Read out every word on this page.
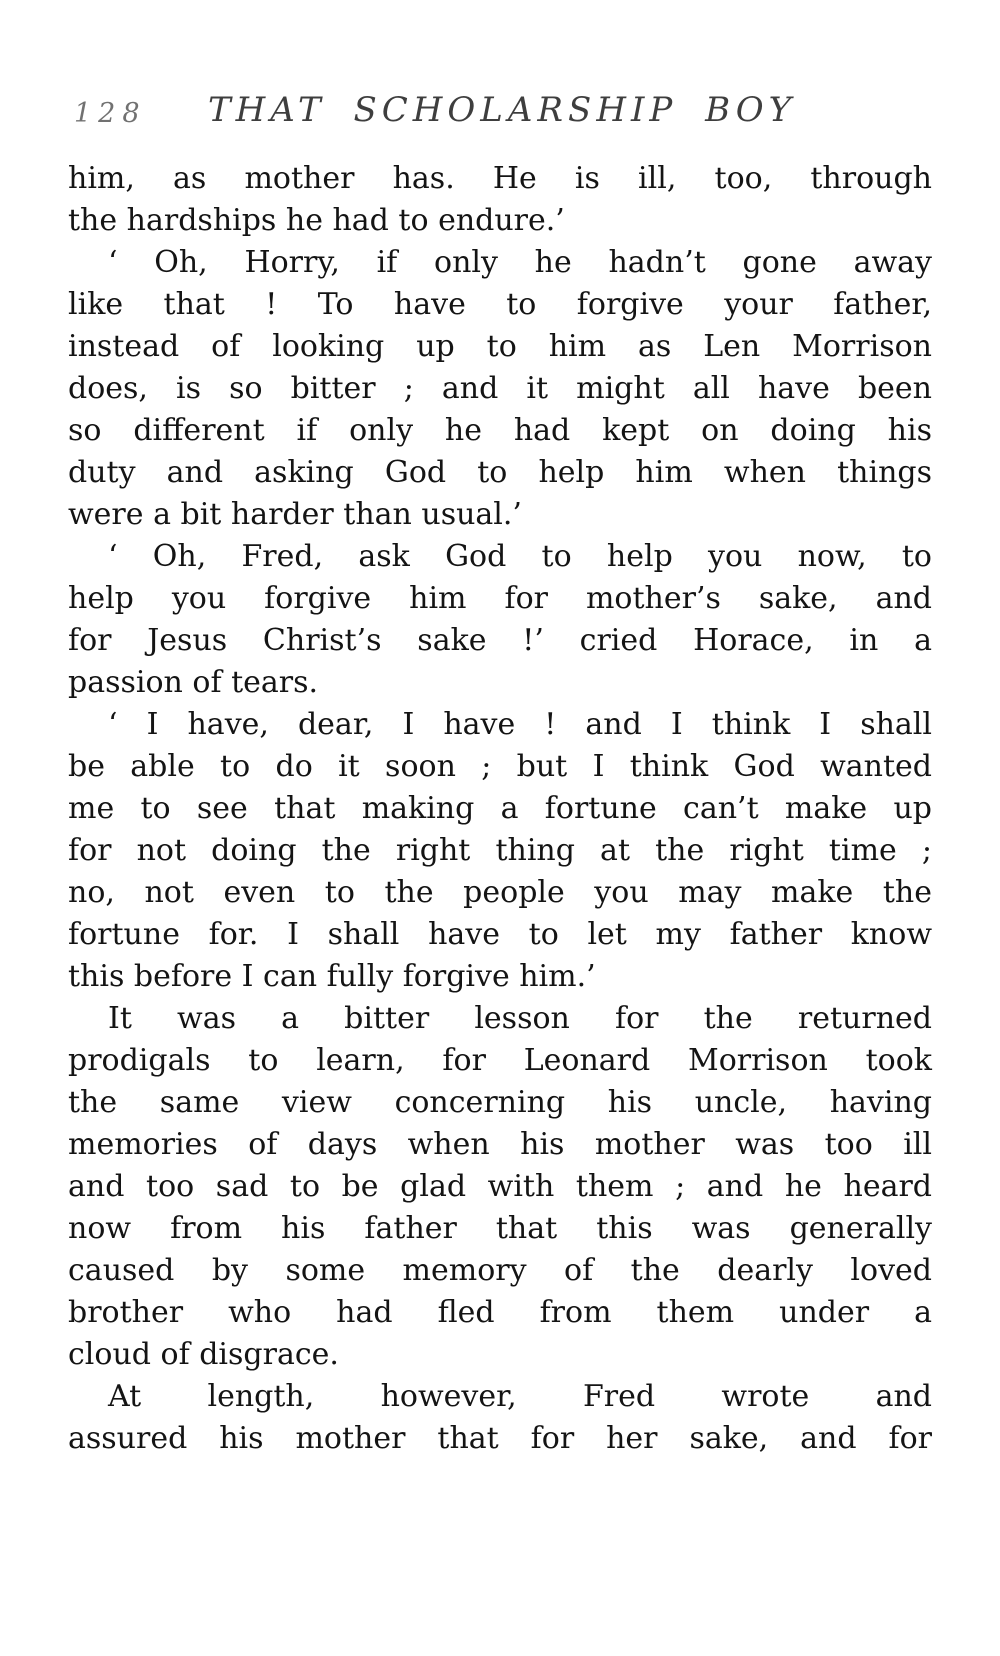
128	THAT SCHOLARSHIP BOY
him, as mother has. He is ill, too, through
the hardships he had to endure.’
‘ Oh, Horry, if only he hadn’t gone away
like that ! To have to forgive your father,
instead of looking up to him as Len Morrison
does, is so bitter ; and it might all have been
so different if only he had kept on doing his
duty and asking God to help him when things
were a bit harder than usual.’
‘ Oh, Fred, ask God to help you now, to
help you forgive him for mother’s sake, and
for Jesus Christ’s sake !’ cried Horace, in a
passion of tears.
‘ I have, dear, I have ! and I think I shall
be able to do it soon ; but I think God wanted
me to see that making a fortune can’t make up
for not doing the right thing at the right time ;
no, not even to the people you may make the
fortune for. I shall have to let my father know
this before I can fully forgive him.’
It was a bitter lesson for the returned
prodigals to learn, for Leonard Morrison took
the same view concerning his uncle, having
memories of days when his mother was too ill
and too sad to be glad with them ; and he heard
now from his father that this was generally
caused by some memory of the dearly loved
brother who had fled from them under a
cloud of disgrace.
At length, however, Fred wrote and
assured his mother that for her sake, and for
